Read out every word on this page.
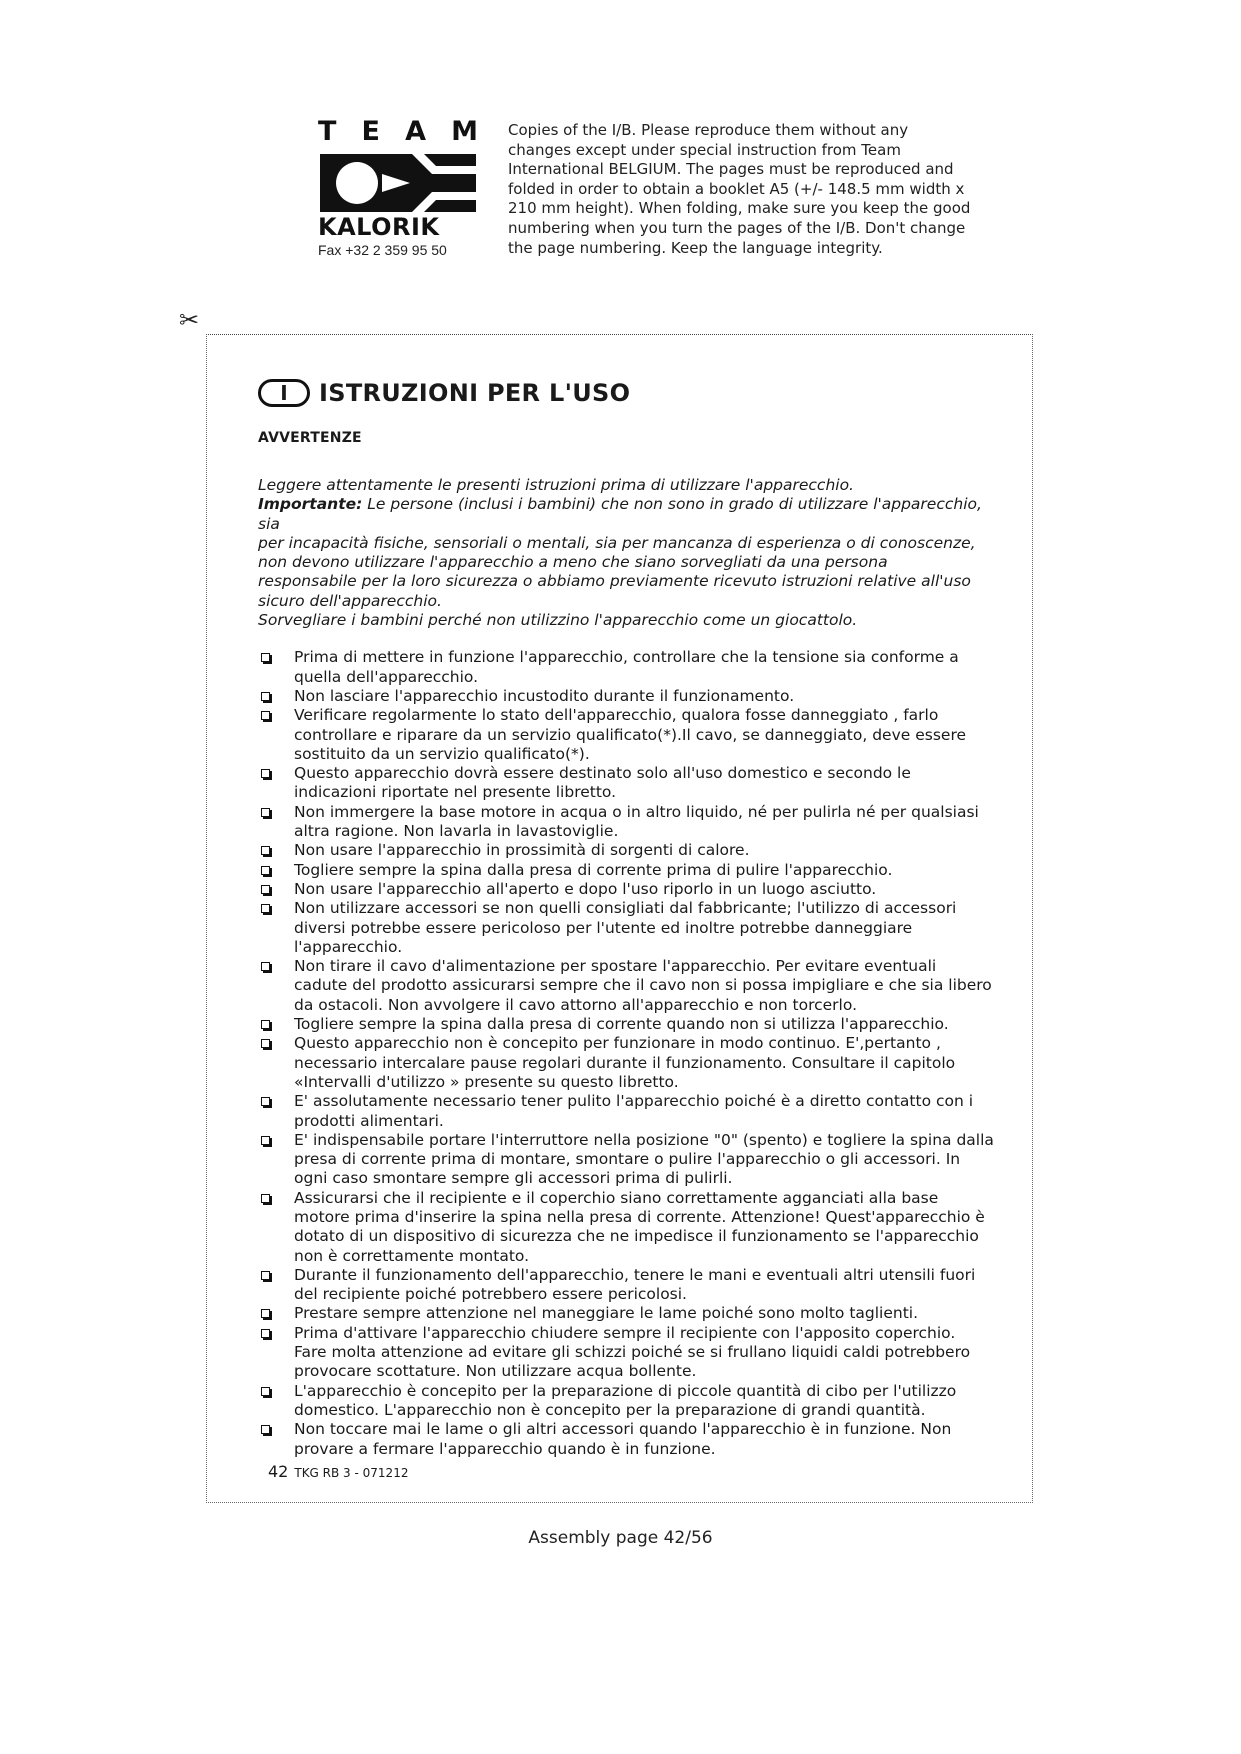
T E A M
KALORIK
Fax +32 2 359 95 50
Copies of the I/B. Please reproduce them without any
changes except under special instruction from Team
International BELGIUM. The pages must be reproduced and
folded in order to obtain a booklet A5 (+/- 148.5 mm width x
210 mm height). When folding, make sure you keep the good
numbering when you turn the pages of the I/B. Don't change
the page numbering. Keep the language integrity.
✂
I	ISTRUZIONI PER L'USO
AVVERTENZE

Leggere attentamente le presenti istruzioni prima di utilizzare l'apparecchio.

Importante: Le persone (inclusi i bambini) che non sono in grado di utilizzare l'apparecchio, sia

per incapacità fisiche, sensoriali o mentali, sia per mancanza di esperienza o di conoscenze,

non devono utilizzare l'apparecchio a meno che siano sorvegliati da una persona

responsabile per la loro sicurezza o abbiamo previamente ricevuto istruzioni relative all'uso

sicuro dell'apparecchio.

Sorvegliare i bambini perché non utilizzino l'apparecchio come un giocattolo.

Prima di mettere in funzione l'apparecchio, controllare che la tensione sia conforme a
quella dell'apparecchio.
Non lasciare l'apparecchio incustodito durante il funzionamento.
Verificare regolarmente lo stato dell'apparecchio, qualora fosse danneggiato , farlo
controllare e riparare da un servizio qualificato(*).Il cavo, se danneggiato, deve essere
sostituito da un servizio qualificato(*).
Questo apparecchio dovrà essere destinato solo all'uso domestico e secondo le
indicazioni riportate nel presente libretto.
Non immergere la base motore in acqua o in altro liquido, né per pulirla né per qualsiasi
altra ragione. Non lavarla in lavastoviglie.
Non usare l'apparecchio in prossimità di sorgenti di calore.
Togliere sempre la spina dalla presa di corrente prima di pulire l'apparecchio.
Non usare l'apparecchio all'aperto e dopo l'uso riporlo in un luogo asciutto.
Non utilizzare accessori se non quelli consigliati dal fabbricante; l'utilizzo di accessori
diversi potrebbe essere pericoloso per l'utente ed inoltre potrebbe danneggiare
l'apparecchio.
Non tirare il cavo d'alimentazione per spostare l'apparecchio. Per evitare eventuali
cadute del prodotto assicurarsi sempre che il cavo non si possa impigliare e che sia libero
da ostacoli. Non avvolgere il cavo attorno all'apparecchio e non torcerlo.
Togliere sempre la spina dalla presa di corrente quando non si utilizza l'apparecchio.
Questo apparecchio non è concepito per funzionare in modo continuo. E',pertanto ,
necessario intercalare pause regolari durante il funzionamento. Consultare il capitolo
«Intervalli d'utilizzo » presente su questo libretto.
E' assolutamente necessario tener pulito l'apparecchio poiché è a diretto contatto con i
prodotti alimentari.
E' indispensabile portare l'interruttore nella posizione "0" (spento) e togliere la spina dalla
presa di corrente prima di montare, smontare o pulire l'apparecchio o gli accessori. In
ogni caso smontare sempre gli accessori prima di pulirli.
Assicurarsi che il recipiente e il coperchio siano correttamente agganciati alla base
motore prima d'inserire la spina nella presa di corrente. Attenzione! Quest'apparecchio è
dotato di un dispositivo di sicurezza che ne impedisce il funzionamento se l'apparecchio
non è correttamente montato.
Durante il funzionamento dell'apparecchio, tenere le mani e eventuali altri utensili fuori
del recipiente poiché potrebbero essere pericolosi.
Prestare sempre attenzione nel maneggiare le lame poiché sono molto taglienti.
Prima d'attivare l'apparecchio chiudere sempre il recipiente con l'apposito coperchio.
Fare molta attenzione ad evitare gli schizzi poiché se si frullano liquidi caldi potrebbero
provocare scottature. Non utilizzare acqua bollente.
L'apparecchio è concepito per la preparazione di piccole quantità di cibo per l'utilizzo
domestico. L'apparecchio non è concepito per la preparazione di grandi quantità.
Non toccare mai le lame o gli altri accessori quando l'apparecchio è in funzione. Non
provare a fermare l'apparecchio quando è in funzione.
42 TKG RB 3 - 071212
Assembly page 42/56
